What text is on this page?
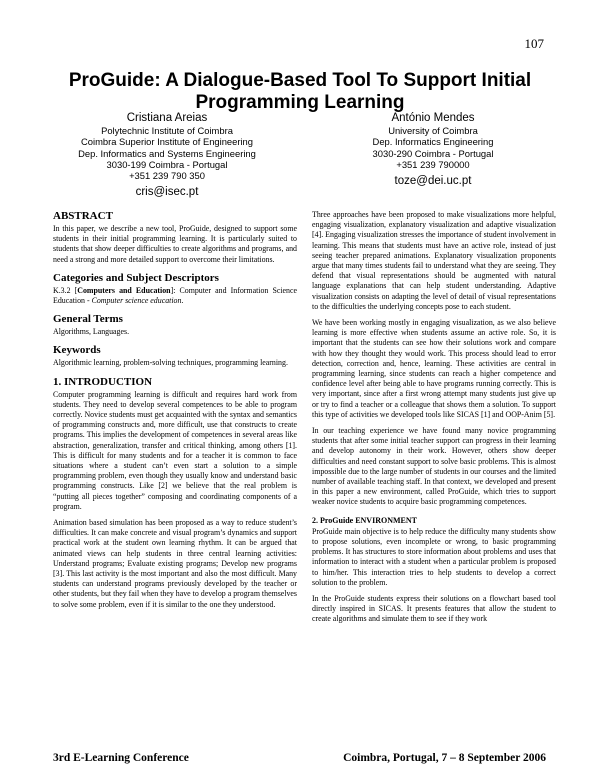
107
ProGuide: A Dialogue-Based Tool To Support Initial
Programming Learning
Cristiana Areias
Polytechnic Institute of Coimbra
Coimbra Superior Institute of Engineering
Dep. Informatics and Systems Engineering
3030-199 Coimbra - Portugal
+351 239 790 350
cris@isec.pt
António Mendes
University of Coimbra
Dep. Informatics Engineering
3030-290 Coimbra - Portugal
+351 239 790000
toze@dei.uc.pt
ABSTRACT

In this paper, we describe a new tool, ProGuide, designed to support some students in their initial programming learning. It is particularly suited to students that show deeper difficulties to create algorithms and programs, and need a strong and more detailed support to overcome their limitations.

Categories and Subject Descriptors

K.3.2 [Computers and Education]: Computer and Information Science Education - Computer science education.

General Terms

Algorithms, Languages.

Keywords

Algorithmic learning, problem-solving techniques, programming learning.

1. INTRODUCTION

Computer programming learning is difficult and requires hard work from students. They need to develop several competences to be able to program correctly. Novice students must get acquainted with the syntax and semantics of programming constructs and, more difficult, use that constructs to create programs. This implies the development of competences in several areas like abstraction, generalization, transfer and critical thinking, among others [1]. This is difficult for many students and for a teacher it is common to face situations where a student can’t even start a solution to a simple programming problem, even though they usually know and understand basic programming constructs. Like [2] we believe that the real problem is “putting all pieces together” composing and coordinating components of a program.

Animation based simulation has been proposed as a way to reduce student’s difficulties. It can make concrete and visual program’s dynamics and support practical work at the student own learning rhythm. It can be argued that animated views can help students in three central learning activities: Understand programs; Evaluate existing programs; Develop new programs [3]. This last activity is the most important and also the most difficult. Many students can understand programs previously developed by the teacher or other students, but they fail when they have to develop a program themselves to solve some problem, even if it is similar to the one they understood.

Three approaches have been proposed to make visualizations more helpful, engaging visualization, explanatory visualization and adaptive visualization [4]. Engaging visualization stresses the importance of student involvement in learning. This means that students must have an active role, instead of just seeing teacher prepared animations. Explanatory visualization proponents argue that many times students fail to understand what they are seeing. They defend that visual representations should be augmented with natural language explanations that can help student understanding. Adaptive visualization consists on adapting the level of detail of visual representations to the difficulties the underlying concepts pose to each student.

We have been working mostly in engaging visualization, as we also believe learning is more effective when students assume an active role. So, it is important that the students can see how their solutions work and compare with how they thought they would work. This process should lead to error detection, correction and, hence, learning. These activities are central in programming learning, since students can reach a higher competence and confidence level after being able to have programs running correctly. This is very important, since after a first wrong attempt many students just give up or try to find a teacher or a colleague that shows them a solution. To support this type of activities we developed tools like SICAS [1] and OOP-Anim [5].

In our teaching experience we have found many novice programming students that after some initial teacher support can progress in their learning and develop autonomy in their work. However, others show deeper difficulties and need constant support to solve basic problems. This is almost impossible due to the large number of students in our courses and the limited number of available teaching staff. In that context, we developed and present in this paper a new environment, called ProGuide, which tries to support weaker novice students to acquire basic programming competences.

2. ProGuide ENVIRONMENT

ProGuide main objective is to help reduce the difficulty many students show to propose solutions, even incomplete or wrong, to basic programming problems. It has structures to store information about problems and uses that information to interact with a student when a particular problem is proposed to him/her. This interaction tries to help students to develop a correct solution to the problem.

In the ProGuide students express their solutions on a flowchart based tool directly inspired in SICAS. It presents features that allow the student to create algorithms and simulate them to see if they work

3rd E-Learning Conference	Coimbra, Portugal, 7 – 8 September 2006
